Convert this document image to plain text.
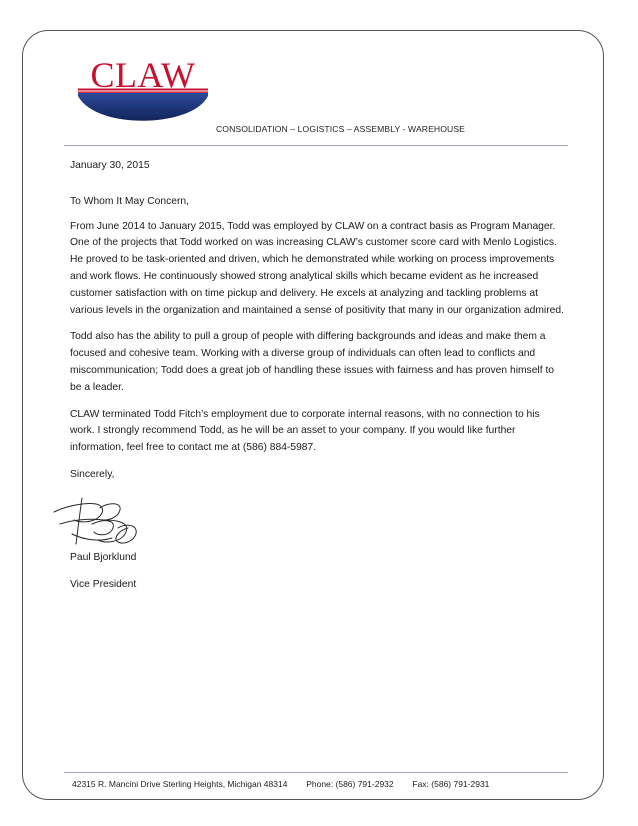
CLAW
CONSOLIDATION – LOGISTICS – ASSEMBLY - WAREHOUSE

January 30, 2015

To Whom It May Concern,

From June 2014 to January 2015, Todd was employed by CLAW on a contract basis as Program Manager. One of the projects that Todd worked on was increasing CLAW’s customer score card with Menlo Logistics. He proved to be task-oriented and driven, which he demonstrated while working on process improvements and work flows. He continuously showed strong analytical skills which became evident as he increased customer satisfaction with on time pickup and delivery. He excels at analyzing and tackling problems at various levels in the organization and maintained a sense of positivity that many in our organization admired.

Todd also has the ability to pull a group of people with differing backgrounds and ideas and make them a focused and cohesive team. Working with a diverse group of individuals can often lead to conflicts and miscommunication; Todd does a great job of handling these issues with fairness and has proven himself to be a leader.

CLAW terminated Todd Fitch’s employment due to corporate internal reasons, with no connection to his work. I strongly recommend Todd, as he will be an asset to your company. If you would like further information, feel free to contact me at (586) 884-5987.

Sincerely,

Paul Bjorklund

Vice President

42315 R. Mancini Drive Sterling Heights, Michigan 48314 Phone: (586) 791-2932 Fax: (586) 791-2931
